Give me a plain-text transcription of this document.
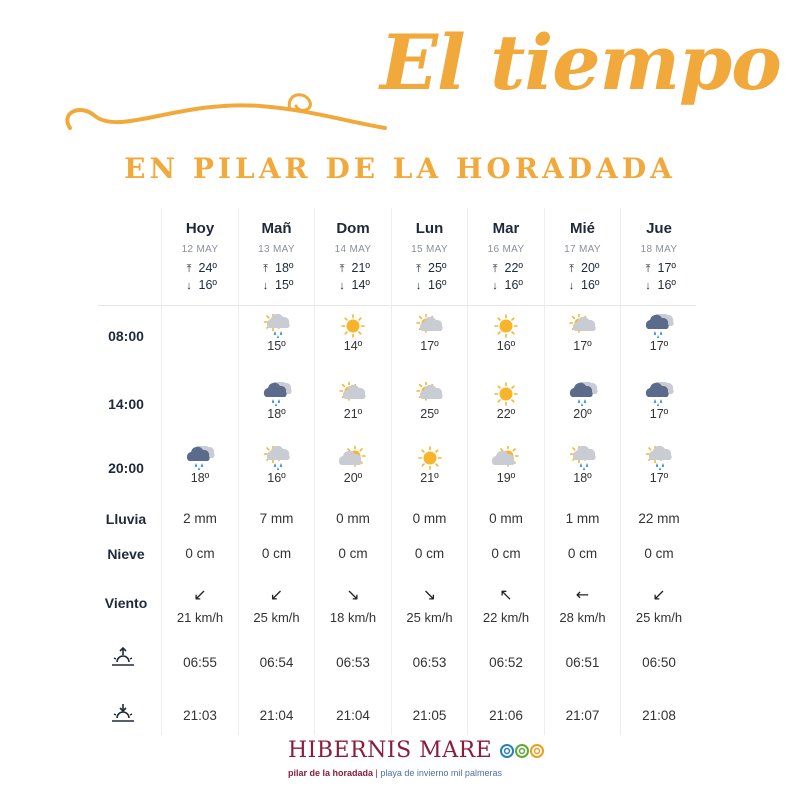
El tiempo
EN PILAR DE LA HORADADA
08:00
14:00
20:00
Lluvia
Nieve
Viento
HIBERNIS MARE
pilar de la horadada | playa de invierno mil palmeras
Hoy
12 MAY
⤒ 24º
↓ 16º
18º
2 mm
0 cm
↙
21 km/h
06:55
21:03
Mañ
13 MAY
⤒ 18º
↓ 15º
15º
18º
16º
7 mm
0 cm
↙
25 km/h
06:54
21:04
Dom
14 MAY
⤒ 21º
↓ 14º
14º
21º
20º
0 mm
0 cm
↘
18 km/h
06:53
21:04
Lun
15 MAY
⤒ 25º
↓ 16º
17º
25º
21º
0 mm
0 cm
↘
25 km/h
06:53
21:05
Mar
16 MAY
⤒ 22º
↓ 16º
16º
22º
19º
0 mm
0 cm
↖
22 km/h
06:52
21:06
Mié
17 MAY
⤒ 20º
↓ 16º
17º
20º
18º
1 mm
0 cm
←
28 km/h
06:51
21:07
Jue
18 MAY
⤒ 17º
↓ 16º
17º
17º
17º
22 mm
0 cm
↙
25 km/h
06:50
21:08
